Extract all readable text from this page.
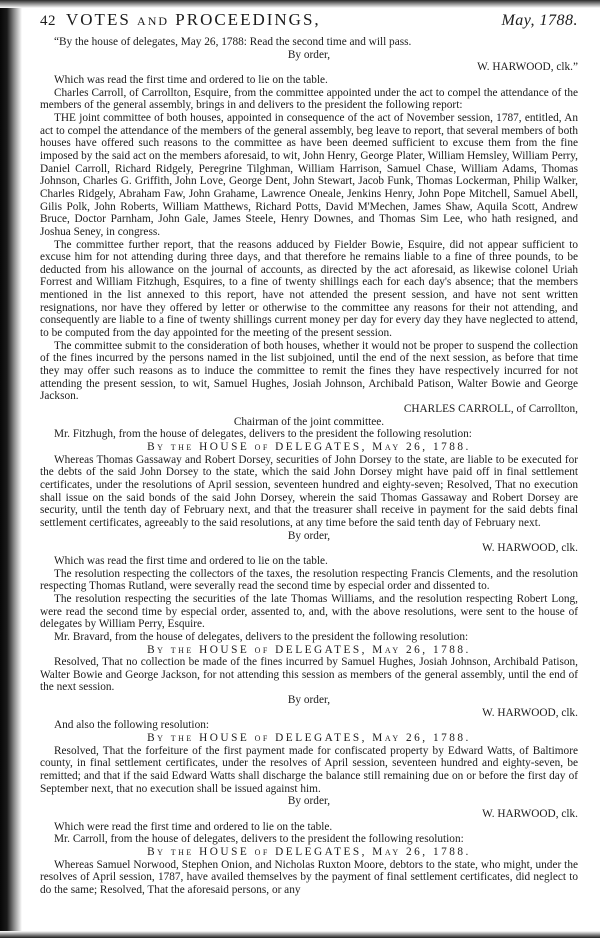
42 VOTES and PROCEEDINGS,	May, 1788.

“By the house of delegates, May 26, 1788: Read the second time and will pass.

By order,

W. HARWOOD, clk.”

Which was read the first time and ordered to lie on the table.

Charles Carroll, of Carrollton, Esquire, from the committee appointed under the act to compel the attendance of the members of the general assembly, brings in and delivers to the president the following report:

THE joint committee of both houses, appointed in consequence of the act of November session, 1787, entitled, An act to compel the attendance of the members of the general assembly, beg leave to report, that several members of both houses have offered such reasons to the committee as have been deemed sufficient to excuse them from the fine imposed by the said act on the members aforesaid, to wit, John Henry, George Plater, William Hemsley, William Perry, Daniel Carroll, Richard Ridgely, Peregrine Tilghman, William Harrison, Samuel Chase, William Adams, Thomas Johnson, Charles G. Griffith, John Love, George Dent, John Stewart, Jacob Funk, Thomas Lockerman, Philip Walker, Charles Ridgely, Abraham Faw, John Grahame, Lawrence Oneale, Jenkins Henry, John Pope Mitchell, Samuel Abell, Gilis Polk, John Roberts, William Matthews, Richard Potts, David M'Mechen, James Shaw, Aquila Scott, Andrew Bruce, Doctor Parnham, John Gale, James Steele, Henry Downes, and Thomas Sim Lee, who hath resigned, and Joshua Seney, in congress.

The committee further report, that the reasons adduced by Fielder Bowie, Esquire, did not appear sufficient to excuse him for not attending during three days, and that therefore he remains liable to a fine of three pounds, to be deducted from his allowance on the journal of accounts, as directed by the act aforesaid, as likewise colonel Uriah Forrest and William Fitzhugh, Esquires, to a fine of twenty shillings each for each day's absence; that the members mentioned in the list annexed to this report, have not attended the present session, and have not sent written resignations, nor have they offered by letter or otherwise to the committee any reasons for their not attending, and consequently are liable to a fine of twenty shillings current money per day for every day they have neglected to attend, to be computed from the day appointed for the meeting of the present session.

The committee submit to the consideration of both houses, whether it would not be proper to suspend the collection of the fines incurred by the persons named in the list subjoined, until the end of the next session, as before that time they may offer such reasons as to induce the committee to remit the fines they have respectively incurred for not attending the present session, to wit, Samuel Hughes, Josiah Johnson, Archibald Patison, Walter Bowie and George Jackson.

CHARLES CARROLL, of Carrollton,

Chairman of the joint committee.

Mr. Fitzhugh, from the house of delegates, delivers to the president the following resolution:

By the HOUSE of DELEGATES, May 26, 1788.

Whereas Thomas Gassaway and Robert Dorsey, securities of John Dorsey to the state, are liable to be executed for the debts of the said John Dorsey to the state, which the said John Dorsey might have paid off in final settlement certificates, under the resolutions of April session, seventeen hundred and eighty-seven; Resolved, That no execution shall issue on the said bonds of the said John Dorsey, wherein the said Thomas Gassaway and Robert Dorsey are security, until the tenth day of February next, and that the treasurer shall receive in payment for the said debts final settlement certificates, agreeably to the said resolutions, at any time before the said tenth day of February next.

By order,

W. HARWOOD, clk.

Which was read the first time and ordered to lie on the table.

The resolution respecting the collectors of the taxes, the resolution respecting Francis Clements, and the resolution respecting Thomas Rutland, were severally read the second time by especial order and dissented to.

The resolution respecting the securities of the late Thomas Williams, and the resolution respecting Robert Long, were read the second time by especial order, assented to, and, with the above resolutions, were sent to the house of delegates by William Perry, Esquire.

Mr. Bravard, from the house of delegates, delivers to the president the following resolution:

By the HOUSE of DELEGATES, May 26, 1788.

Resolved, That no collection be made of the fines incurred by Samuel Hughes, Josiah Johnson, Archibald Patison, Walter Bowie and George Jackson, for not attending this session as members of the general assembly, until the end of the next session.

By order,

W. HARWOOD, clk.

And also the following resolution:

By the HOUSE of DELEGATES, May 26, 1788.

Resolved, That the forfeiture of the first payment made for confiscated property by Edward Watts, of Baltimore county, in final settlement certificates, under the resolves of April session, seventeen hundred and eighty-seven, be remitted; and that if the said Edward Watts shall discharge the balance still remaining due on or before the first day of September next, that no execution shall be issued against him.

By order,

W. HARWOOD, clk.

Which were read the first time and ordered to lie on the table.

Mr. Carroll, from the house of delegates, delivers to the president the following resolution:

By the HOUSE of DELEGATES, May 26, 1788.

Whereas Samuel Norwood, Stephen Onion, and Nicholas Ruxton Moore, debtors to the state, who might, under the resolves of April session, 1787, have availed themselves by the payment of final settlement certificates, did neglect to do the same; Resolved, That the aforesaid persons, or any
